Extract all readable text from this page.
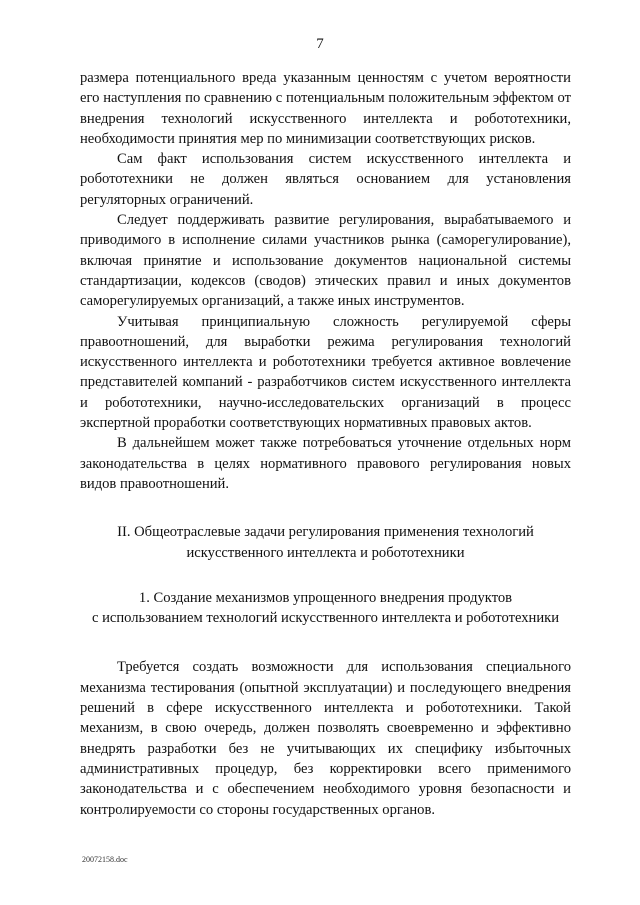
7

размера потенциального вреда указанным ценностям с учетом вероятности его наступления по сравнению с потенциальным положительным эффектом от внедрения технологий искусственного интеллекта и робототехники, необходимости принятия мер по минимизации соответствующих рисков.

Сам факт использования систем искусственного интеллекта и робототехники не должен являться основанием для установления регуляторных ограничений.

Следует поддерживать развитие регулирования, вырабатываемого и приводимого в исполнение силами участников рынка (саморегулирование), включая принятие и использование документов национальной системы стандартизации, кодексов (сводов) этических правил и иных документов саморегулируемых организаций, а также иных инструментов.

Учитывая принципиальную сложность регулируемой сферы правоотношений, для выработки режима регулирования технологий искусственного интеллекта и робототехники требуется активное вовлечение представителей компаний - разработчиков систем искусственного интеллекта и робототехники, научно-исследовательских организаций в процесс экспертной проработки соответствующих нормативных правовых актов.

В дальнейшем может также потребоваться уточнение отдельных норм законодательства в целях нормативного правового регулирования новых видов правоотношений.

II. Общеотраслевые задачи регулирования применения технологий
искусственного интеллекта и робототехники
1. Создание механизмов упрощенного внедрения продуктов
с использованием технологий искусственного интеллекта и робототехники

Требуется создать возможности для использования специального механизма тестирования (опытной эксплуатации) и последующего внедрения решений в сфере искусственного интеллекта и робототехники. Такой механизм, в свою очередь, должен позволять своевременно и эффективно внедрять разработки без не учитывающих их специфику избыточных административных процедур, без корректировки всего применимого законодательства и с обеспечением необходимого уровня безопасности и контролируемости со стороны государственных органов.

20072158.doc
